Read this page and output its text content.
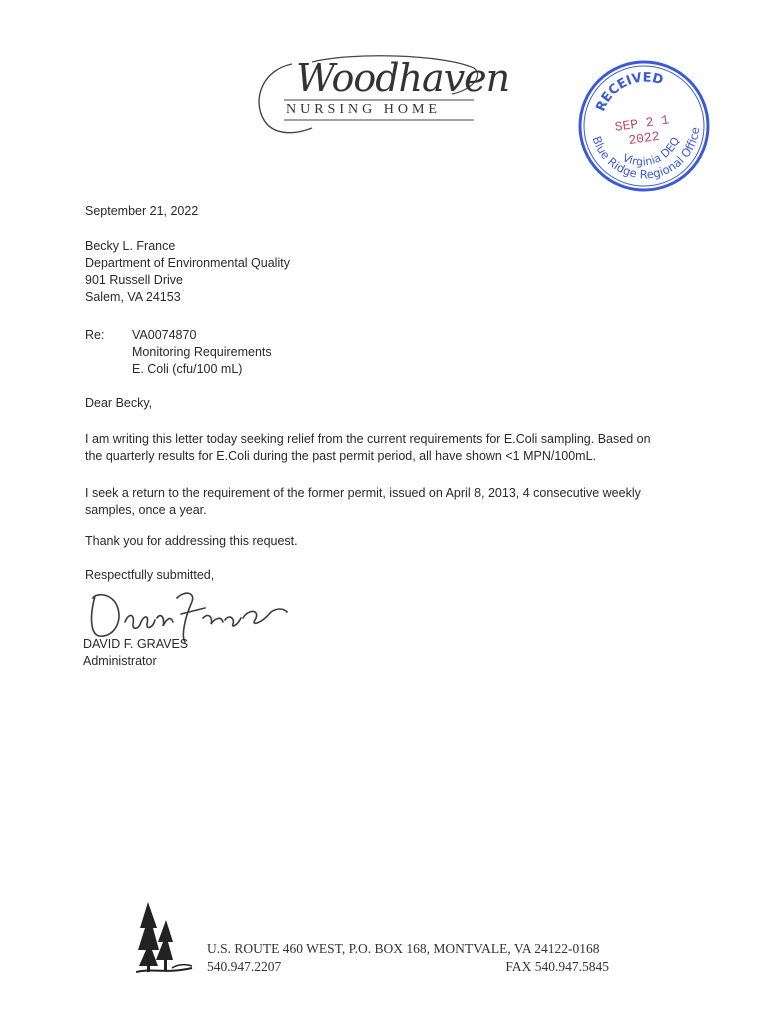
Woodhaven
NURSING HOME	RECEIVED
Blue Ridge Regional Office
Virginia DEQ
SEP 2 1 2022
September 21, 2022
Becky L. France
Department of Environmental Quality
901 Russell Drive
Salem, VA 24153
Re: VA0074870
Monitoring Requirements
E. Coli (cfu/100 mL)
Dear Becky,
I am writing this letter today seeking relief from the current requirements for E.Coli sampling. Based on
the quarterly results for E.Coli during the past permit period, all have shown <1 MPN/100mL.
I seek a return to the requirement of the former permit, issued on April 8, 2013, 4 consecutive weekly
samples, once a year.
Thank you for addressing this request.
Respectfully submitted,
DAVID F. GRAVES
Administrator
U.S. ROUTE 460 WEST, P.O. BOX 168, MONTVALE, VA 24122-0168
540.947.2207	FAX 540.947.5845
